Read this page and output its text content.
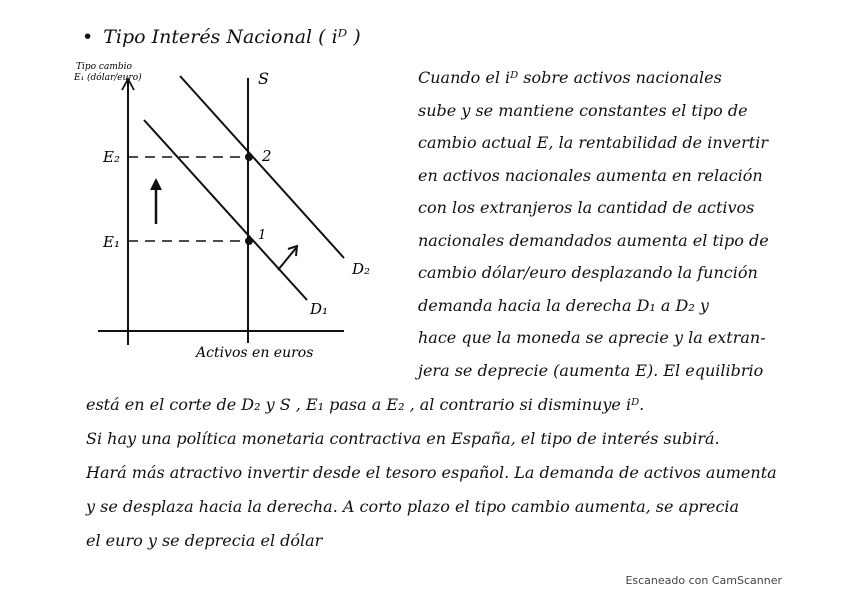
• Tipo Interés Nacional ( iᴰ )
Tipo cambio
E₁ (dólar/euro)	S
E₂
E₁
2
1
D₂
D₁
Activos en euros
Cuando el iᴰ sobre activos nacionales
sube y se mantiene constantes el tipo de
cambio actual E, la rentabilidad de invertir
en activos nacionales aumenta en relación
con los extranjeros la cantidad de activos
nacionales demandados aumenta el tipo de
cambio dólar/euro desplazando la función
demanda hacia la derecha D₁ a D₂ y
hace que la moneda se aprecie y la extran-
jera se deprecie (aumenta E). El equilibrio
está en el corte de D₂ y S , E₁ pasa a E₂ , al contrario si disminuye iᴰ.
Si hay una política monetaria contractiva en España, el tipo de interés subirá.
Hará más atractivo invertir desde el tesoro español. La demanda de activos aumenta
y se desplaza hacia la derecha. A corto plazo el tipo cambio aumenta, se aprecia
el euro y se deprecia el dólar
Escaneado con CamScanner
